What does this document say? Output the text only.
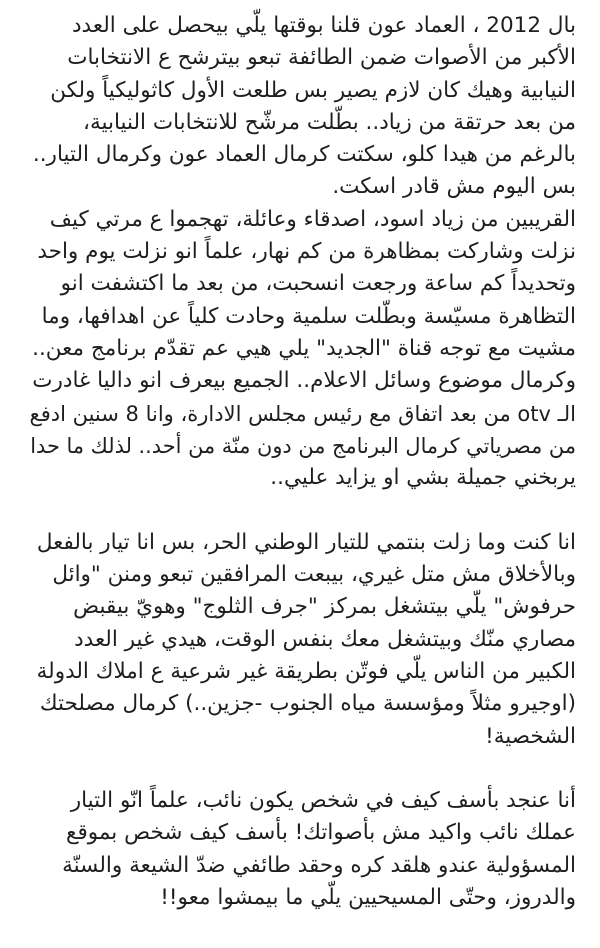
بال 2012 ، العماد عون قلنا بوقتها يلّي بيحصل على العدد
الأكبر من الأصوات ضمن الطائفة تبعو بيترشح ع الانتخابات
النيابية وهيك كان لازم يصير بس طلعت الأول كاثوليكياً ولكن
من بعد حرتقة من زياد.. بطّلت مرشّح للانتخابات النيابية،
بالرغم من هيدا كلو، سكتت كرمال العماد عون وكرمال التيار..
بس اليوم مش قادر اسكت.
القريبين من زياد اسود، اصدقاء وعائلة، تهجموا ع مرتي كيف
نزلت وشاركت بمظاهرة من كم نهار، علماً انو نزلت يوم واحد
وتحديداً كم ساعة ورجعت انسحبت، من بعد ما اكتشفت انو
التظاهرة مسيّسة وبطّلت سلمية وحادت كلياً عن اهدافها، وما
مشيت مع توجه قناة "الجديد" يلي هيي عم تقدّم برنامج معن..
وكرمال موضوع وسائل الاعلام.. الجميع بيعرف انو داليا غادرت
الـ otv من بعد اتفاق مع رئيس مجلس الادارة، وانا 8 سنين ادفع
من مصرياتي كرمال البرنامج من دون منّة من أحد.. لذلك ما حدا
يربخني جميلة بشي او يزايد عليي..
انا كنت وما زلت بنتمي للتيار الوطني الحر، بس انا تيار بالفعل
وبالأخلاق مش متل غيري، بيبعت المرافقين تبعو ومنن "وائل
حرفوش" يلّي بيتشغل بمركز "جرف الثلوج" وهويّ بيقبض
مصاري منّك وبيتشغل معك بنفس الوقت، هيدي غير العدد
الكبير من الناس يلّي فوتّن بطريقة غير شرعية ع املاك الدولة
(اوجيرو مثلاً ومؤسسة مياه الجنوب -جزين..) كرمال مصلحتك
الشخصية!
أنا عنجد بأسف كيف في شخص يكون نائب، علماً انّو التيار
عملك نائب واكيد مش بأصواتك! بأسف كيف شخص بموقع
المسؤولية عندو هلقد كره وحقد طائفي ضدّ الشيعة والسنّة
والدروز، وحتّى المسيحيين يلّي ما بيمشوا معو!!
